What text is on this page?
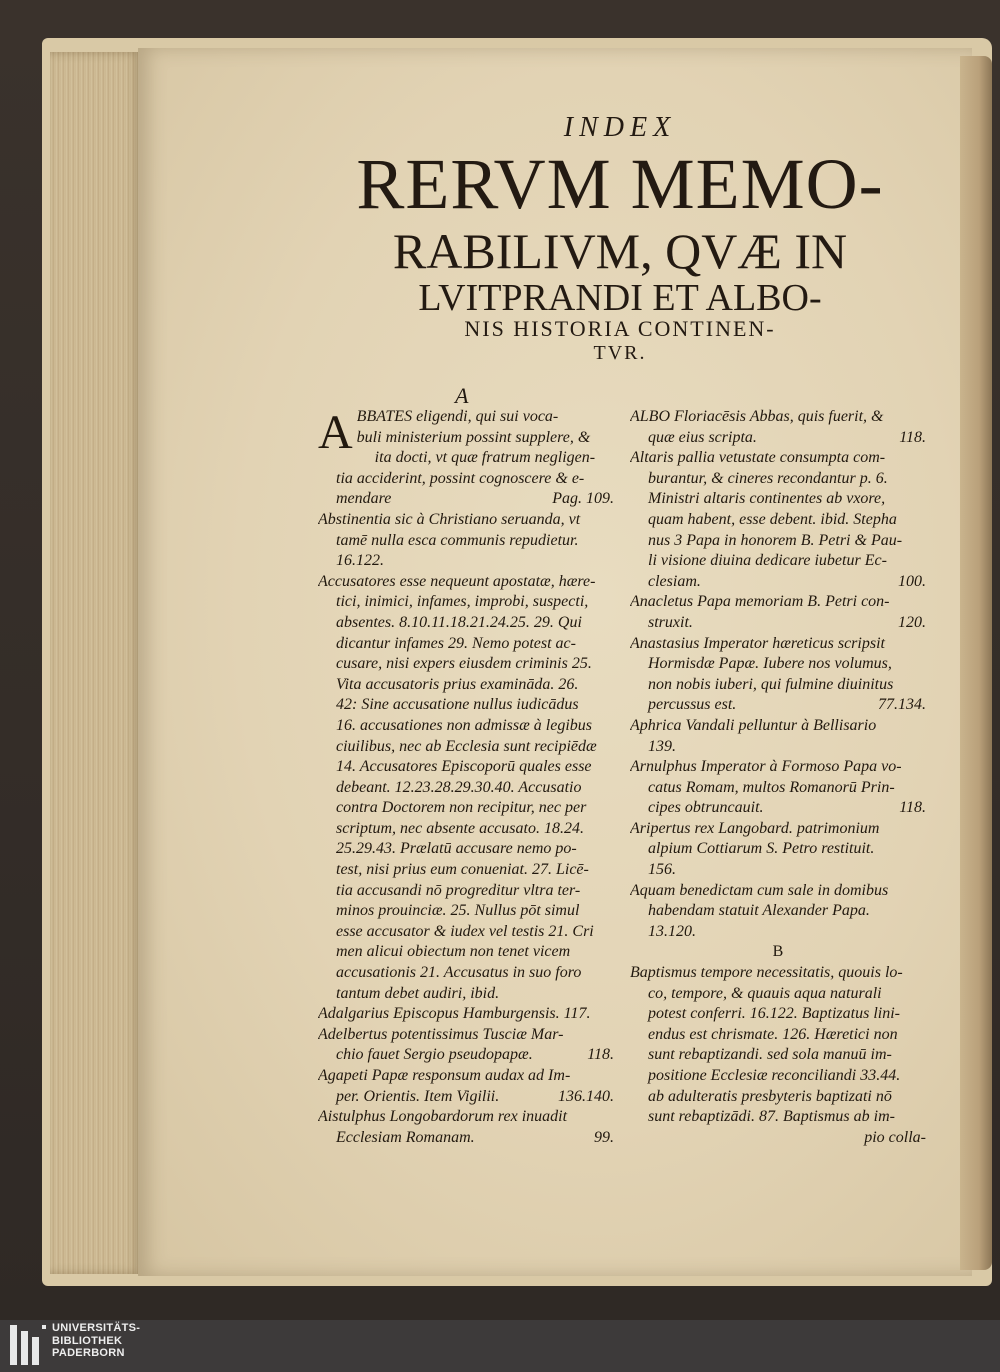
INDEX
RERVM MEMO-
RABILIVM, QVÆ IN
LVITPRANDI ET ALBO-
NIS HISTORIA CONTINEN-
TVR.
A
A BBATES eligendi, qui sui voca-
buli ministerium possint supplere, &
ita docti, vt quæ fratrum negligen-
tia acciderint, possint cognoscere & e-
mendare	Pag. 109.
Abstinentia sic à Christiano seruanda, vt
tamē nulla esca communis repudietur.
16.122.
Accusatores esse nequeunt apostatæ, hære-
tici, inimici, infames, improbi, suspecti,
absentes. 8.10.11.18.21.24.25. 29. Qui
dicantur infames 29. Nemo potest ac-
cusare, nisi expers eiusdem criminis 25.
Vita accusatoris prius examināda. 26.
42: Sine accusatione nullus iudicādus
16. accusationes non admissæ à legibus
ciuilibus, nec ab Ecclesia sunt recipiēdæ
14. Accusatores Episcoporū quales esse
debeant. 12.23.28.29.30.40. Accusatio
contra Doctorem non recipitur, nec per
scriptum, nec absente accusato. 18.24.
25.29.43. Prælatū accusare nemo po-
test, nisi prius eum conueniat. 27. Licē-
tia accusandi nō progreditur vltra ter-
minos prouinciæ. 25. Nullus pōt simul
esse accusator & iudex vel testis 21. Cri
men alicui obiectum non tenet vicem
accusationis 21. Accusatus in suo foro
tantum debet audiri, ibid.
Adalgarius Episcopus Hamburgensis. 117.
Adelbertus potentissimus Tusciæ Mar-
chio fauet Sergio pseudopapæ.	118.
Agapeti Papæ responsum audax ad Im-
per. Orientis. Item Vigilii.	136.140.
Aistulphus Longobardorum rex inuadit
Ecclesiam Romanam.	99.
ALBO Floriacēsis Abbas, quis fuerit, &
quæ eius scripta.	118.
Altaris pallia vetustate consumpta com-
burantur, & cineres recondantur p. 6.
Ministri altaris continentes ab vxore,
quam habent, esse debent. ibid. Stepha
nus 3 Papa in honorem B. Petri & Pau-
li visione diuina dedicare iubetur Ec-
clesiam.	100.
Anacletus Papa memoriam B. Petri con-
struxit.	120.
Anastasius Imperator hæreticus scripsit
Hormisdæ Papæ. Iubere nos volumus,
non nobis iuberi, qui fulmine diuinitus
percussus est.	77.134.
Aphrica Vandali pelluntur à Bellisario
139.
Arnulphus Imperator à Formoso Papa vo-
catus Romam, multos Romanorū Prin-
cipes obtruncauit.	118.
Aripertus rex Langobard. patrimonium
alpium Cottiarum S. Petro restituit.
156.
Aquam benedictam cum sale in domibus
habendam statuit Alexander Papa.
13.120.
B
Baptismus tempore necessitatis, quouis lo-
co, tempore, & quauis aqua naturali
potest conferri. 16.122. Baptizatus lini-
endus est chrismate. 126. Hæretici non
sunt rebaptizandi. sed sola manuū im-
positione Ecclesiæ reconciliandi 33.44.
ab adulteratis presbyteris baptizati nō
sunt rebaptizādi. 87. Baptismus ab im-
pio colla-
UNIVERSITÄTS-
BIBLIOTHEK
PADERBORN
